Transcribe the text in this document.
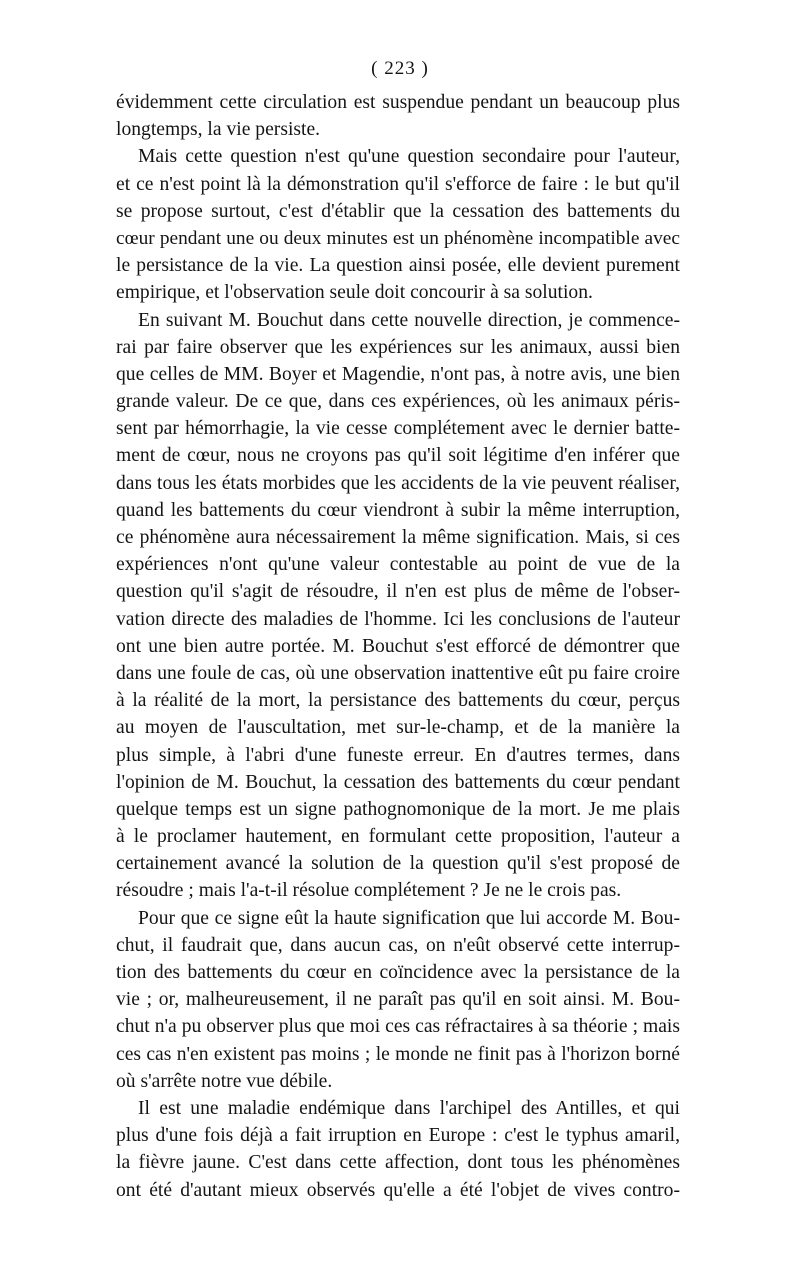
( 223 )
évidemment cette circulation est suspendue pendant un beaucoup plus
longtemps, la vie persiste.
Mais cette question n'est qu'une question secondaire pour l'auteur,
et ce n'est point là la démonstration qu'il s'efforce de faire : le but qu'il
se propose surtout, c'est d'établir que la cessation des battements du
cœur pendant une ou deux minutes est un phénomène incompatible avec
le persistance de la vie. La question ainsi posée, elle devient purement
empirique, et l'observation seule doit concourir à sa solution.
En suivant M. Bouchut dans cette nouvelle direction, je commence-
rai par faire observer que les expériences sur les animaux, aussi bien
que celles de MM. Boyer et Magendie, n'ont pas, à notre avis, une bien
grande valeur. De ce que, dans ces expériences, où les animaux péris-
sent par hémorrhagie, la vie cesse complétement avec le dernier batte-
ment de cœur, nous ne croyons pas qu'il soit légitime d'en inférer que
dans tous les états morbides que les accidents de la vie peuvent réaliser,
quand les battements du cœur viendront à subir la même interruption,
ce phénomène aura nécessairement la même signification. Mais, si ces
expériences n'ont qu'une valeur contestable au point de vue de la
question qu'il s'agit de résoudre, il n'en est plus de même de l'obser-
vation directe des maladies de l'homme. Ici les conclusions de l'auteur
ont une bien autre portée. M. Bouchut s'est efforcé de démontrer que
dans une foule de cas, où une observation inattentive eût pu faire croire
à la réalité de la mort, la persistance des battements du cœur, perçus
au moyen de l'auscultation, met sur-le-champ, et de la manière la
plus simple, à l'abri d'une funeste erreur. En d'autres termes, dans
l'opinion de M. Bouchut, la cessation des battements du cœur pendant
quelque temps est un signe pathognomonique de la mort. Je me plais
à le proclamer hautement, en formulant cette proposition, l'auteur a
certainement avancé la solution de la question qu'il s'est proposé de
résoudre ; mais l'a-t-il résolue complétement ? Je ne le crois pas.
Pour que ce signe eût la haute signification que lui accorde M. Bou-
chut, il faudrait que, dans aucun cas, on n'eût observé cette interrup-
tion des battements du cœur en coïncidence avec la persistance de la
vie ; or, malheureusement, il ne paraît pas qu'il en soit ainsi. M. Bou-
chut n'a pu observer plus que moi ces cas réfractaires à sa théorie ; mais
ces cas n'en existent pas moins ; le monde ne finit pas à l'horizon borné
où s'arrête notre vue débile.
Il est une maladie endémique dans l'archipel des Antilles, et qui
plus d'une fois déjà a fait irruption en Europe : c'est le typhus amaril,
la fièvre jaune. C'est dans cette affection, dont tous les phénomènes
ont été d'autant mieux observés qu'elle a été l'objet de vives contro-
